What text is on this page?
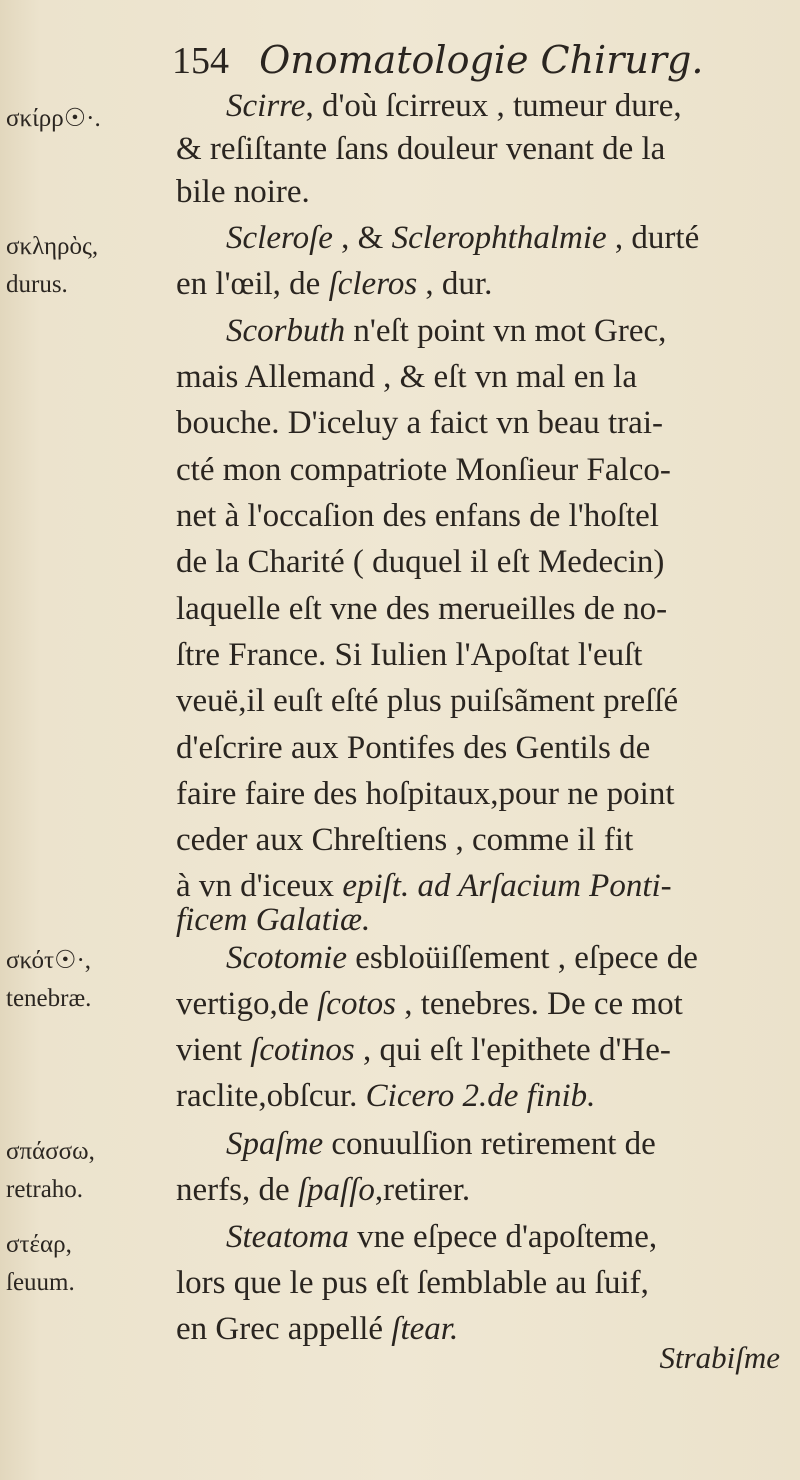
154 Onomatologie Chirurg.
σκίρρ☉·.
σκληρὸς,
durus.
σκότ☉·,
tenebræ.
σπάσσω,
retraho.
στέαρ,
ſeuum.
Scirre, d'où ſcirreux , tumeur dure,
& reſiſtante ſans douleur venant de la
bile noire.
Scleroſe , & Sclerophthalmie , durté
en l'œil, de ſcleros , dur.
Scorbuth n'eſt point vn mot Grec,
mais Allemand , & eſt vn mal en la
bouche. D'iceluy a faict vn beau trai-
cté mon compatriote Monſieur Falco-
net à l'occaſion des enfans de l'hoſtel
de la Charité ( duquel il eſt Medecin)
laquelle eſt vne des merueilles de no-
ſtre France. Si Iulien l'Apoſtat l'euſt
veuë,il euſt eſté plus puiſsãment preſſé
d'eſcrire aux Pontifes des Gentils de
faire faire des hoſpitaux,pour ne point
ceder aux Chreſtiens , comme il fit
à vn d'iceux epiſt. ad Arſacium Ponti-
ficem Galatiæ.
Scotomie esbloüiſſement , eſpece de
vertigo,de ſcotos , tenebres. De ce mot
vient ſcotinos , qui eſt l'epithete d'He-
raclite,obſcur. Cicero 2.de finib.
Spaſme conuulſion retirement de
nerfs, de ſpaſſo,retirer.
Steatoma vne eſpece d'apoſteme,
lors que le pus eſt ſemblable au ſuif,
en Grec appellé ſtear.
Strabiſme
